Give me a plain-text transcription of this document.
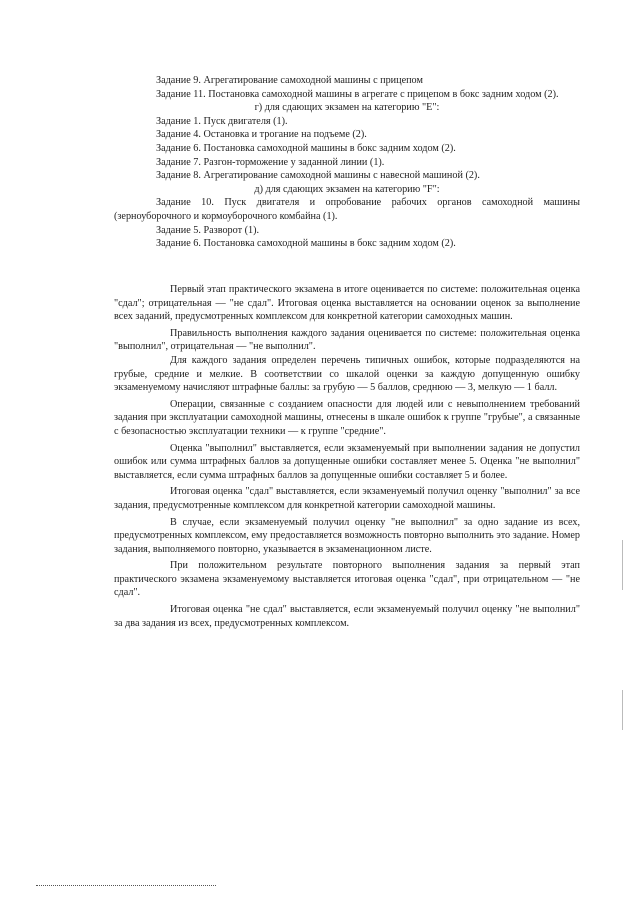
Задание 9. Агрегатирование самоходной машины с прицепом

Задание 11. Постановка самоходной машины в агрегате с прицепом в бокс задним ходом (2).

г) для сдающих экзамен на категорию "Е":

Задание 1. Пуск двигателя (1).

Задание 4. Остановка и трогание на подъеме (2).

Задание 6. Постановка самоходной машины в бокс задним ходом (2).

Задание 7. Разгон-торможение у заданной линии (1).

Задание 8. Агрегатирование самоходной машины с навесной машиной (2).

д) для сдающих экзамен на категорию "F":

Задание 10. Пуск двигателя и опробование рабочих органов самоходной машины (зерноуборочного и кормоуборочного комбайна (1).

Задание 5. Разворот (1).

Задание 6. Постановка самоходной машины в бокс задним ходом (2).

Первый этап практического экзамена в итоге оценивается по системе: положительная оценка "сдал"; отрицательная — "не сдал". Итоговая оценка выставляется на основании оценок за выполнение всех заданий, предусмотренных комплексом для конкретной категории самоходных машин.

Правильность выполнения каждого задания оценивается по системе: положительная оценка "выполнил", отрицательная — "не выполнил".

Для каждого задания определен перечень типичных ошибок, которые подразделяются на грубые, средние и мелкие. В соответствии со шкалой оценки за каждую допущенную ошибку экзаменуемому начисляют штрафные баллы: за грубую — 5 баллов, среднюю — 3, мелкую — 1 балл.

Операции, связанные с созданием опасности для людей или с невыполнением требований задания при эксплуатации самоходной машины, отнесены в шкале ошибок к группе "грубые", а связанные с безопасностью эксплуатации техники — к группе "средние".

Оценка "выполнил" выставляется, если экзаменуемый при выполнении задания не допустил ошибок или сумма штрафных баллов за допущенные ошибки составляет менее 5. Оценка "не выполнил" выставляется, если сумма штрафных баллов за допущенные ошибки составляет 5 и более.

Итоговая оценка "сдал" выставляется, если экзаменуемый получил оценку "выполнил" за все задания, предусмотренные комплексом для конкретной категории самоходной машины.

В случае, если экзаменуемый получил оценку "не выполнил" за одно задание из всех, предусмотренных комплексом, ему предоставляется возможность повторно выполнить это задание. Номер задания, выполняемого повторно, указывается в экзаменационном листе.

При положительном результате повторного выполнения задания за первый этап практического экзамена экзаменуемому выставляется итоговая оценка "сдал", при отрицательном — "не сдал".

Итоговая оценка "не сдал" выставляется, если экзаменуемый получил оценку "не выполнил" за два задания из всех, предусмотренных комплексом.
